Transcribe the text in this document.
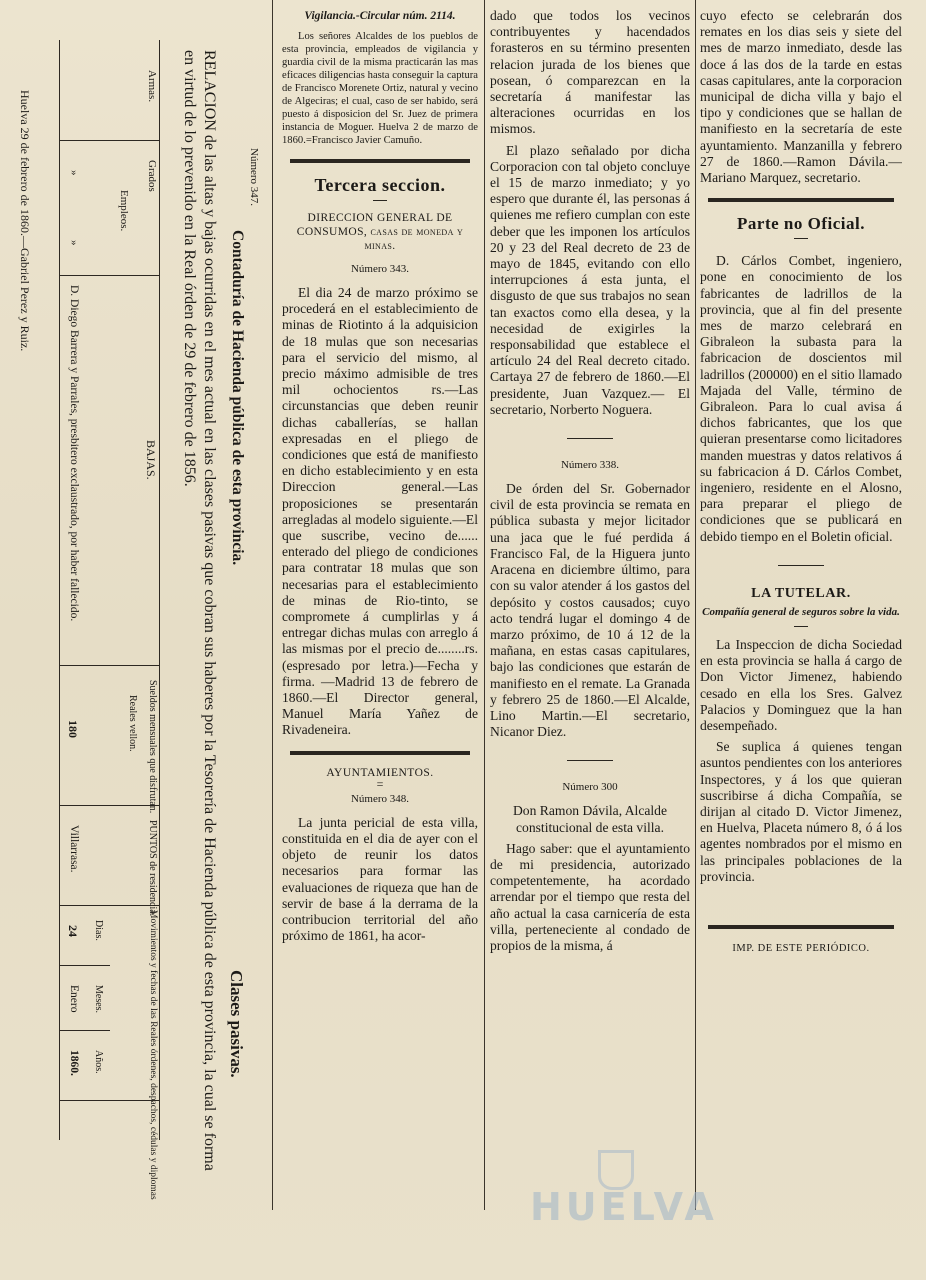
Número 347.
Contaduría de Hacienda pública de esta provincia.
Clases pasivas.
RELACION de las altas y bajas ocurridas en el mes actual en las clases pasivas que cobran sus haberes por la Tesorería de Hacienda pública de esta provincia, la cual se forma
en virtud de lo prevenido en la Real órden de 29 de febrero de 1856.
Armas.
Grados
Empleos.
BAJAS.
Sueldos mensuales que disfrutan.
Reales vellon.
PUNTOS de residencia.
Movimientos y fechas de las Reales órdenes, despachos, cédulas y diplomas
Dias.
Meses.
Años.
»
»
D. Diego Barrera y Parrales, presbitero exclaustrado, por haber fallecido.
180
Villarrasa.
24
Enero
1860.
Huelva 29 de febrero de 1860.—Gabriel Perez y Ruiz.
Vigilancia.-Circular núm. 2114.

Los señores Alcaldes de los pueblos de esta provincia, empleados de vigilancia y guardia civil de la misma practicarán las mas eficaces diligencias hasta conseguir la captura de Francisco Morenete Ortiz, natural y vecino de Algeciras; el cual, caso de ser habido, será puesto á disposicion del Sr. Juez de primera instancia de Moguer. Huelva 2 de marzo de 1860.=Francisco Javier Camuño.

Tercera seccion.
DIRECCION GENERAL DE CONSUMOS, casas de moneda y minas.
Número 343.

El dia 24 de marzo próximo se procederá en el establecimiento de minas de Riotinto á la adquisicion de 18 mulas que son necesarias para el servicio del mismo, al precio máximo admisible de tres mil ochocientos rs.—Las circunstancias que deben reunir dichas caballerías, se hallan expresadas en el pliego de condiciones que está de manifiesto en dicho establecimiento y en esta Direccion general.—Las proposiciones se presentarán arregladas al modelo siguiente.—El que suscribe, vecino de...... enterado del pliego de condiciones para contratar 18 mulas que son necesarias para el establecimiento de minas de Rio-tinto, se compromete á cumplirlas y á entregar dichas mulas con arreglo á las mismas por el precio de........rs. (espresado por letra.)—Fecha y firma. —Madrid 13 de febrero de 1860.—El Director general, Manuel María Yañez de Rivadeneira.

AYUNTAMIENTOS.
=
Número 348.

La junta pericial de esta villa, constituida en el dia de ayer con el objeto de reunir los datos necesarios para formar las evaluaciones de riqueza que han de servir de base á la derrama de la contribucion territorial del año próximo de 1861, ha acor-

dado que todos los vecinos contribuyentes y hacendados forasteros en su término presenten relacion jurada de los bienes que posean, ó comparezcan en la secretaría á manifestar las alteraciones ocurridas en los mismos.

El plazo señalado por dicha Corporacion con tal objeto concluye el 15 de marzo inmediato; y yo espero que durante él, las personas á quienes me refiero cumplan con este deber que les imponen los artículos 20 y 23 del Real decreto de 23 de mayo de 1845, evitando con ello interrupciones á esta junta, el disgusto de que sus trabajos no sean tan exactos como ella desea, y la necesidad de exigirles la responsabilidad que establece el artículo 24 del Real decreto citado. Cartaya 27 de febrero de 1860.—El presidente, Juan Vazquez.— El secretario, Norberto Noguera.

Número 338.

De órden del Sr. Gobernador civil de esta provincia se remata en pública subasta y mejor licitador una jaca que le fué perdida á Francisco Fal, de la Higuera junto Aracena en diciembre último, para con su valor atender á los gastos del depósito y costos causados; cuyo acto tendrá lugar el domingo 4 de marzo próximo, de 10 á 12 de la mañana, en estas casas capitulares, bajo las condiciones que estarán de manifiesto en el remate. La Granada y febrero 25 de 1860.—El Alcalde, Lino Martin.—El secretario, Nicanor Diez.

Número 300

Don Ramon Dávila, Alcalde constitucional de esta villa.

Hago saber: que el ayuntamiento de mi presidencia, autorizado competentemente, ha acordado arrendar por el tiempo que resta del año actual la casa carnicería de esta villa, perteneciente al condado de propios de la misma, á

cuyo efecto se celebrarán dos remates en los dias seis y siete del mes de marzo inmediato, desde las doce á las dos de la tarde en estas casas capitulares, ante la corporacion municipal de dicha villa y bajo el tipo y condiciones que se hallan de manifiesto en la secretaría de este ayuntamiento. Manzanilla y febrero 27 de 1860.—Ramon Dávila.—Mariano Marquez, secretario.

Parte no Oficial.

D. Cárlos Combet, ingeniero, pone en conocimiento de los fabricantes de ladrillos de la provincia, que al fin del presente mes de marzo celebrará en Gibraleon la subasta para la fabricacion de doscientos mil ladrillos (200000) en el sitio llamado Majada del Valle, término de Gibraleon. Para lo cual avisa á dichos fabricantes, que los que quieran presentarse como licitadores manden muestras y datos relativos á su fabricacion á D. Cárlos Combet, ingeniero, residente en el Alosno, para preparar el pliego de condiciones que se publicará en debido tiempo en el Boletin oficial.

LA TUTELAR.
Compañía general de seguros sobre la vida.

La Inspeccion de dicha Sociedad en esta provincia se halla á cargo de Don Victor Jimenez, habiendo cesado en ella los Sres. Galvez Palacios y Dominguez que la han desempeñado.

Se suplica á quienes tengan asuntos pendientes con los anteriores Inspectores, y á los que quieran suscribirse á dicha Compañía, se dirijan al citado D. Victor Jimenez, en Huelva, Placeta número 8, ó á los agentes nombrados por el mismo en las principales poblaciones de la provincia.

IMP. DE ESTE PERIÓDICO.
HUELVA
